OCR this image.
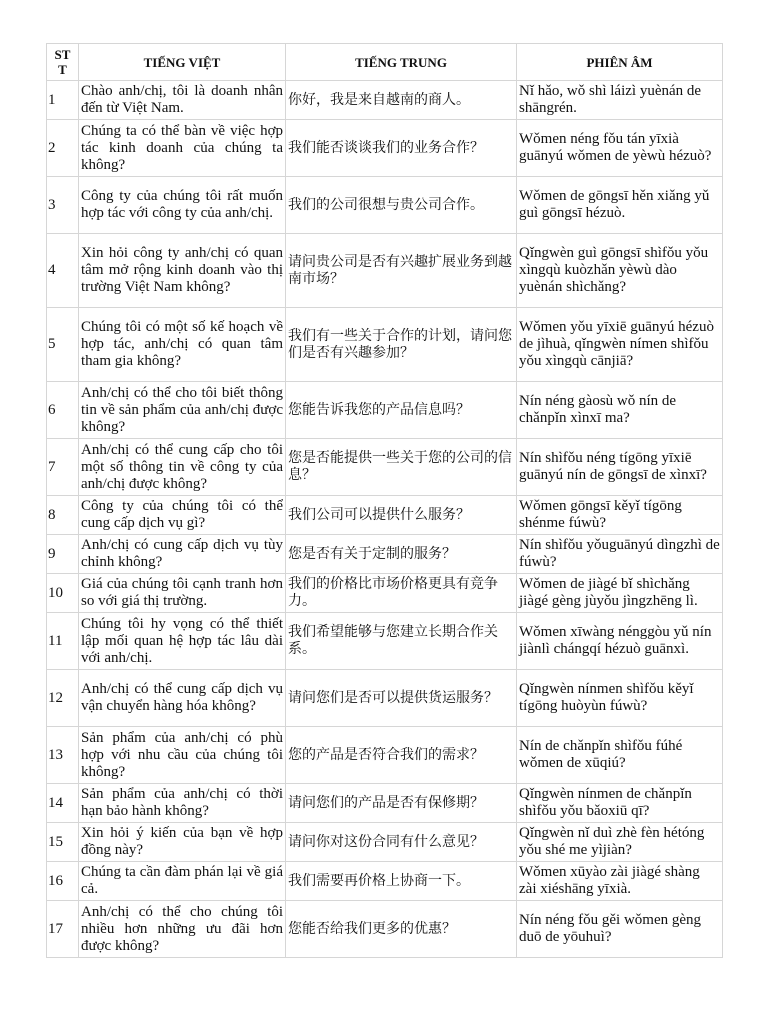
STT	TIẾNG VIỆT	TIẾNG TRUNG	PHIÊN ÂM
1	Chào anh/chị, tôi là doanh nhân đến từ Việt Nam.	你好，我是来自越南的商人。	Nǐ hǎo, wǒ shì láizì yuènán de shāngrén.
2	Chúng ta có thể bàn về việc hợp tác kinh doanh của chúng ta không?	我们能否谈谈我们的业务合作？	Wǒmen néng fǒu tán yīxià guānyú wǒmen de yèwù hézuò?
3	Công ty của chúng tôi rất muốn hợp tác với công ty của anh/chị.	我们的公司很想与贵公司合作。	Wǒmen de gōngsī hěn xiǎng yǔ guì gōngsī hézuò.
4	Xin hỏi công ty anh/chị có quan tâm mở rộng kinh doanh vào thị trường Việt Nam không?	请问贵公司是否有兴趣扩展业务到越南市场？	Qǐngwèn guì gōngsī shìfǒu yǒu xìngqù kuòzhǎn yèwù dào yuènán shìchǎng?
5	Chúng tôi có một số kế hoạch về hợp tác, anh/chị có quan tâm tham gia không?	我们有一些关于合作的计划，请问您们是否有兴趣参加？	Wǒmen yǒu yīxiē guānyú hézuò de jìhuà, qǐngwèn nímen shìfǒu yǒu xìngqù cānjiā?
6	Anh/chị có thể cho tôi biết thông tin về sản phẩm của anh/chị được không?	您能告诉我您的产品信息吗？	Nín néng gàosù wǒ nín de chǎnpǐn xìnxī ma?
7	Anh/chị có thể cung cấp cho tôi một số thông tin về công ty của anh/chị được không?	您是否能提供一些关于您的公司的信息？	Nín shìfǒu néng tígōng yīxiē guānyú nín de gōngsī de xìnxī?
8	Công ty của chúng tôi có thể cung cấp dịch vụ gì?	我们公司可以提供什么服务？	Wǒmen gōngsī kěyǐ tígōng shénme fúwù?
9	Anh/chị có cung cấp dịch vụ tùy chỉnh không?	您是否有关于定制的服务？	Nín shìfǒu yǒuguānyú dìngzhì de fúwù?
10	Giá của chúng tôi cạnh tranh hơn so với giá thị trường.	我们的价格比市场价格更具有竞争力。	Wǒmen de jiàgé bǐ shìchǎng jiàgé gèng jùyǒu jìngzhēng lì.
11	Chúng tôi hy vọng có thể thiết lập mối quan hệ hợp tác lâu dài với anh/chị.	我们希望能够与您建立长期合作关系。	Wǒmen xīwàng nénggòu yǔ nín jiànlì chángqí hézuò guānxì.
12	Anh/chị có thể cung cấp dịch vụ vận chuyển hàng hóa không?	请问您们是否可以提供货运服务？	Qǐngwèn nínmen shìfǒu kěyǐ tígōng huòyùn fúwù?
13	Sản phẩm của anh/chị có phù hợp với nhu cầu của chúng tôi không?	您的产品是否符合我们的需求？	Nín de chǎnpǐn shìfǒu fúhé wǒmen de xūqiú?
14	Sản phẩm của anh/chị có thời hạn bảo hành không?	请问您们的产品是否有保修期？	Qǐngwèn nínmen de chǎnpǐn shìfǒu yǒu bǎoxiū qī?
15	Xin hỏi ý kiến của bạn về hợp đồng này?	请问你对这份合同有什么意见？	Qǐngwèn nǐ duì zhè fèn hétóng yǒu shé me yìjiàn?
16	Chúng ta cần đàm phán lại về giá cả.	我们需要再价格上协商一下。	Wǒmen xūyào zài jiàgé shàng zài xiéshāng yīxià.
17	Anh/chị có thể cho chúng tôi nhiều hơn những ưu đãi hơn được không?	您能否给我们更多的优惠？	Nín néng fǒu gěi wǒmen gèng duō de yōuhuì?
